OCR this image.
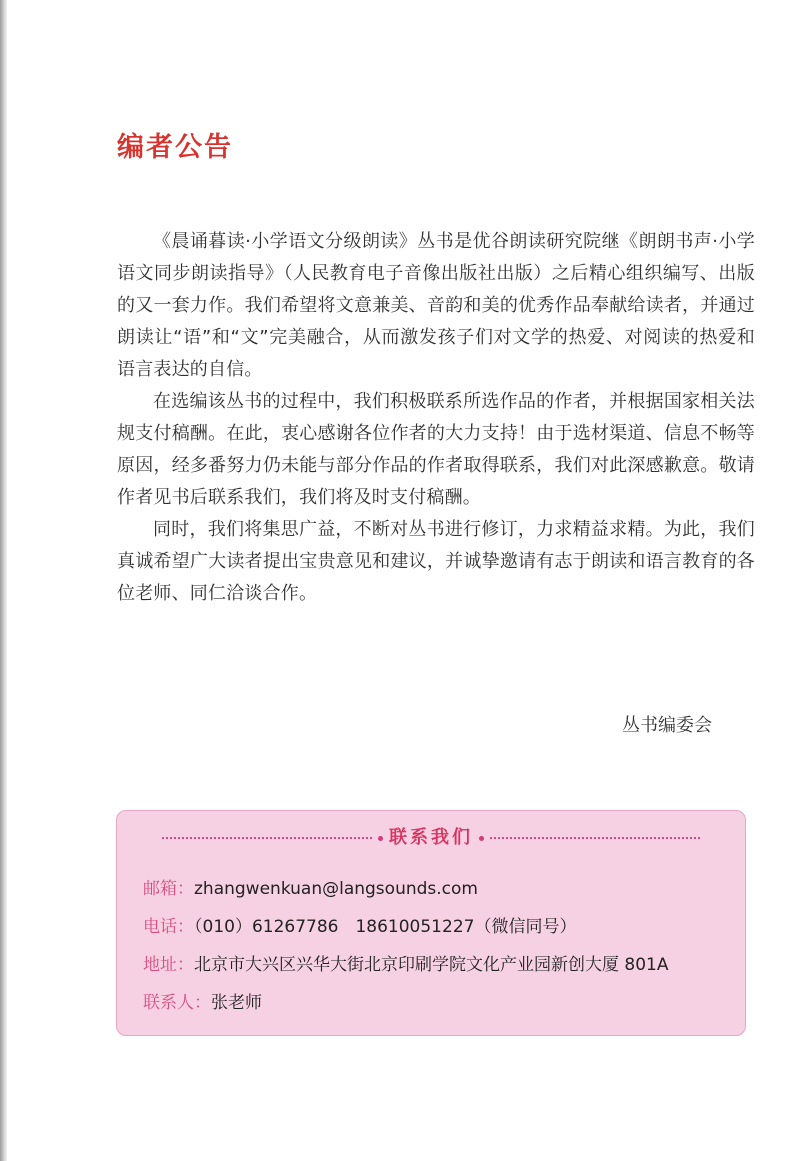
编者公告

《晨诵暮读·小学语文分级朗读》丛书是优谷朗读研究院继《朗朗书声·小学语文同步朗读指导》（人民教育电子音像出版社出版）之后精心组织编写、出版的又一套力作。我们希望将文意兼美、音韵和美的优秀作品奉献给读者，并通过朗读让“语”和“文”完美融合，从而激发孩子们对文学的热爱、对阅读的热爱和语言表达的自信。

在选编该丛书的过程中，我们积极联系所选作品的作者，并根据国家相关法规支付稿酬。在此，衷心感谢各位作者的大力支持！由于选材渠道、信息不畅等原因，经多番努力仍未能与部分作品的作者取得联系，我们对此深感歉意。敬请作者见书后联系我们，我们将及时支付稿酬。

同时，我们将集思广益，不断对丛书进行修订，力求精益求精。为此，我们真诚希望广大读者提出宝贵意见和建议，并诚挚邀请有志于朗读和语言教育的各位老师、同仁洽谈合作。

丛书编委会
联系我们
邮箱：zhangwenkuan@langsounds.com
电话：（010）61267786　18610051227（微信同号）
地址：北京市大兴区兴华大街北京印刷学院文化产业园新创大厦 801A
联系人：张老师
